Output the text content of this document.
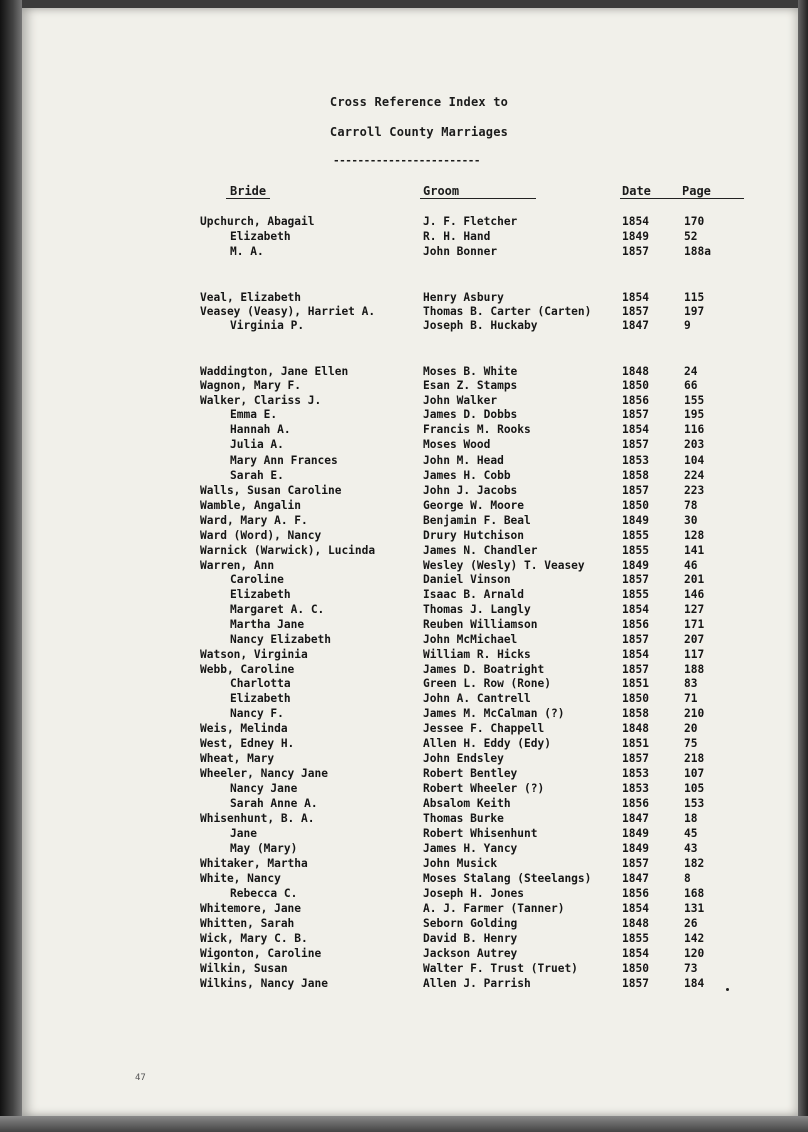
Cross Reference Index to
Carroll County Marriages
------------------------
Bride	Groom	Date	Page
Upchurch, Abagail	J. F. Fletcher	1854	170
Elizabeth	R. H. Hand	1849	52
M. A.	John Bonner	1857	188a
Veal, Elizabeth	Henry Asbury	1854	115
Veasey (Veasy), Harriet A.	Thomas B. Carter (Carten)	1857	197
Virginia P.	Joseph B. Huckaby	1847	9
Waddington, Jane Ellen	Moses B. White	1848	24
Wagnon, Mary F.	Esan Z. Stamps	1850	66
Walker, Clariss J.	John Walker	1856	155
Emma E.	James D. Dobbs	1857	195
Hannah A.	Francis M. Rooks	1854	116
Julia A.	Moses Wood	1857	203
Mary Ann Frances	John M. Head	1853	104
Sarah E.	James H. Cobb	1858	224
Walls, Susan Caroline	John J. Jacobs	1857	223
Wamble, Angalin	George W. Moore	1850	78
Ward, Mary A. F.	Benjamin F. Beal	1849	30
Ward (Word), Nancy	Drury Hutchison	1855	128
Warnick (Warwick), Lucinda	James N. Chandler	1855	141
Warren, Ann	Wesley (Wesly) T. Veasey	1849	46
Caroline	Daniel Vinson	1857	201
Elizabeth	Isaac B. Arnald	1855	146
Margaret A. C.	Thomas J. Langly	1854	127
Martha Jane	Reuben Williamson	1856	171
Nancy Elizabeth	John McMichael	1857	207
Watson, Virginia	William R. Hicks	1854	117
Webb, Caroline	James D. Boatright	1857	188
Charlotta	Green L. Row (Rone)	1851	83
Elizabeth	John A. Cantrell	1850	71
Nancy F.	James M. McCalman (?)	1858	210
Weis, Melinda	Jessee F. Chappell	1848	20
West, Edney H.	Allen H. Eddy (Edy)	1851	75
Wheat, Mary	John Endsley	1857	218
Wheeler, Nancy Jane	Robert Bentley	1853	107
Nancy Jane	Robert Wheeler (?)	1853	105
Sarah Anne A.	Absalom Keith	1856	153
Whisenhunt, B. A.	Thomas Burke	1847	18
Jane	Robert Whisenhunt	1849	45
May (Mary)	James H. Yancy	1849	43
Whitaker, Martha	John Musick	1857	182
White, Nancy	Moses Stalang (Steelangs)	1847	8
Rebecca C.	Joseph H. Jones	1856	168
Whitemore, Jane	A. J. Farmer (Tanner)	1854	131
Whitten, Sarah	Seborn Golding	1848	26
Wick, Mary C. B.	David B. Henry	1855	142
Wigonton, Caroline	Jackson Autrey	1854	120
Wilkin, Susan	Walter F. Trust (Truet)	1850	73
Wilkins, Nancy Jane	Allen J. Parrish	1857	184
47
